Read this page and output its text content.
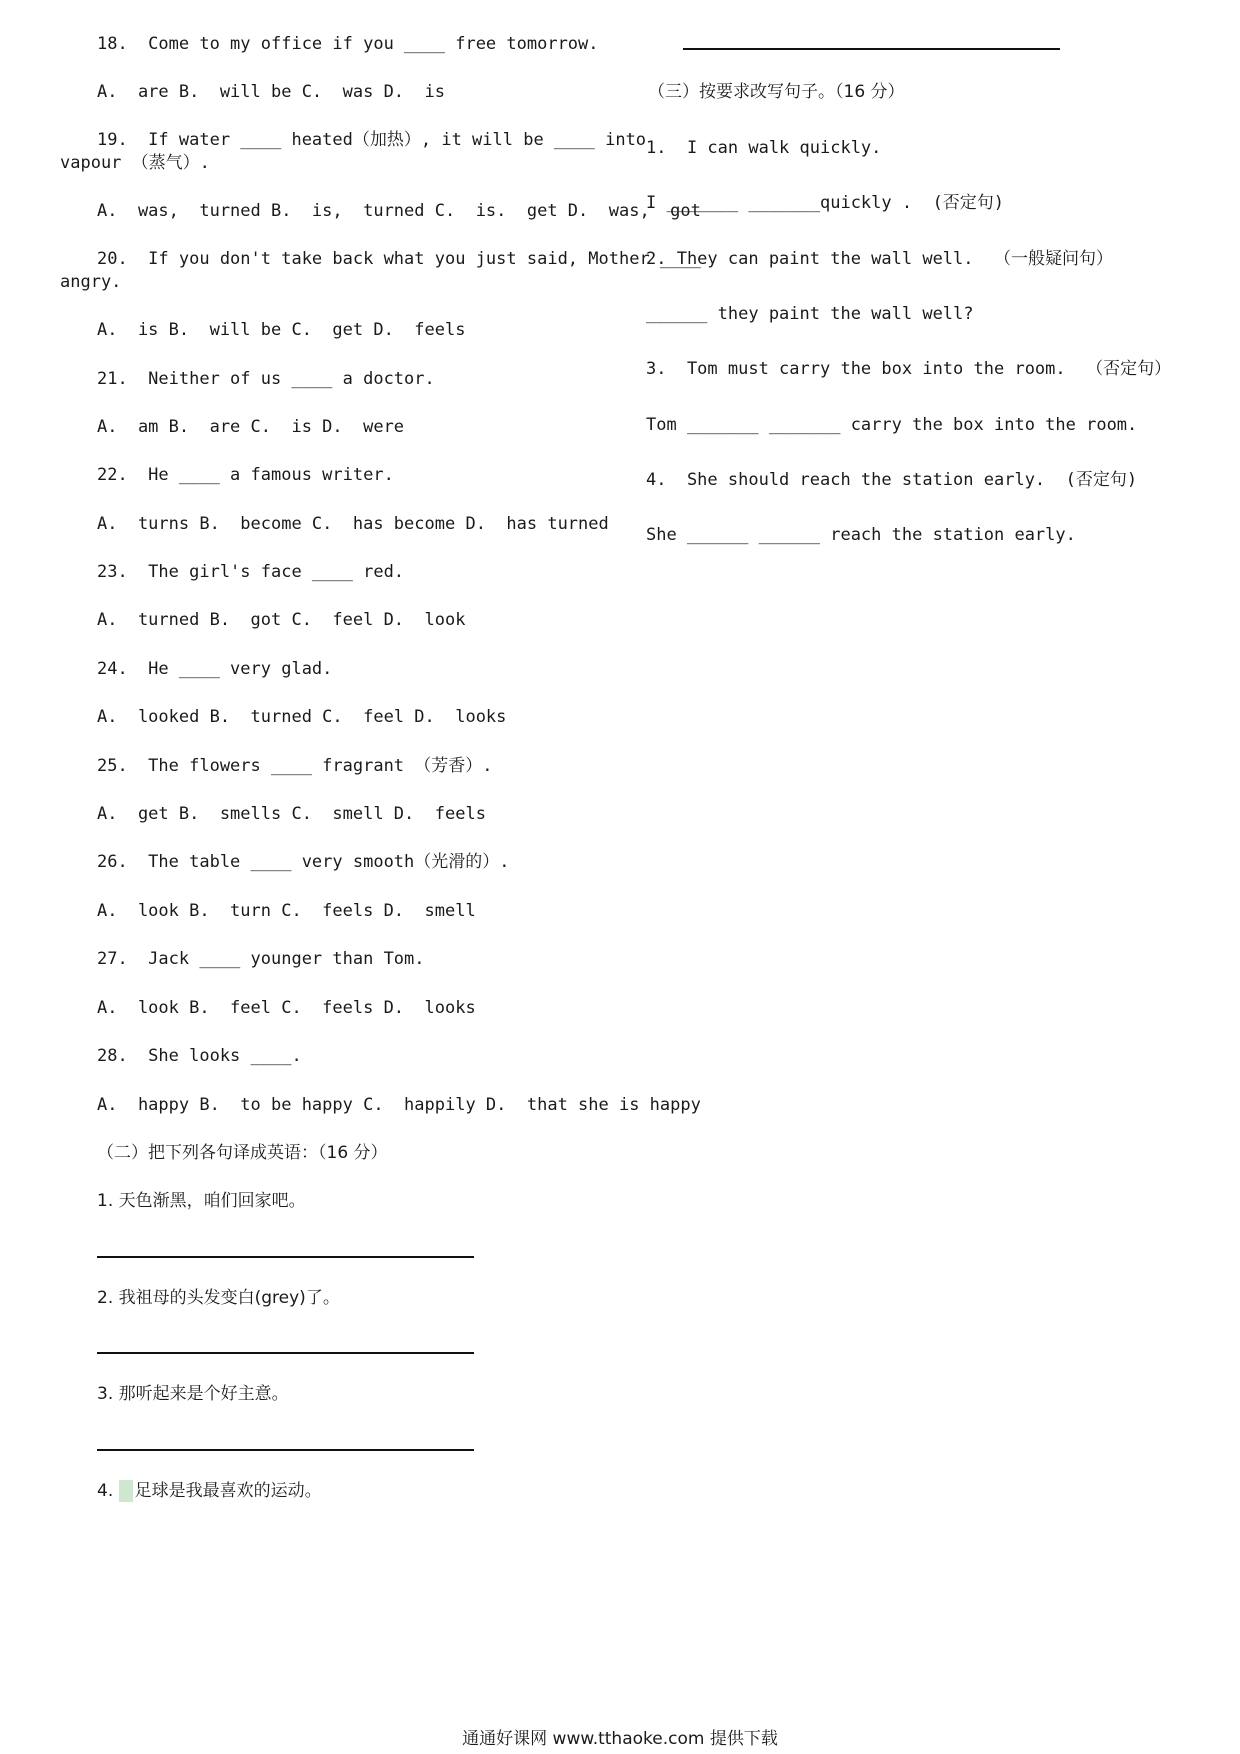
18.  Come to my office if you ____ free tomorrow.
A.  are B.  will be C.  was D.  is
19.  If water ____ heated（加热）, it will be ____ into
vapour （蒸气）.
A.  was,  turned B.  is,  turned C.  is.  get D.  was,  got
20.  If you don't take back what you just said, Mother ____
angry.
A.  is B.  will be C.  get D.  feels
21.  Neither of us ____ a doctor.
A.  am B.  are C.  is D.  were
22.  He ____ a famous writer.
A.  turns B.  become C.  has become D.  has turned
23.  The girl's face ____ red.
A.  turned B.  got C.  feel D.  look
24.  He ____ very glad.
A.  looked B.  turned C.  feel D.  looks
25.  The flowers ____ fragrant （芳香）.
A.  get B.  smells C.  smell D.  feels
26.  The table ____ very smooth（光滑的）.
A.  look B.  turn C.  feels D.  smell
27.  Jack ____ younger than Tom.
A.  look B.  feel C.  feels D.  looks
28.  She looks ____.
A.  happy B.  to be happy C.  happily D.  that she is happy
（二）把下列各句译成英语：（16 分）
1. 天色渐黑，咱们回家吧。
2. 我祖母的头发变白(grey)了。
3. 那听起来是个好主意。
4. 足球是我最喜欢的运动。
（三）按要求改写句子。（16 分）
1.  I can walk quickly.
I _______ _______quickly .  (否定句)
2. They can paint the wall well.  （一般疑问句）
______ they paint the wall well?
3.  Tom must carry the box into the room.  （否定句）
Tom _______ _______ carry the box into the room.
4.  She should reach the station early.  (否定句)
She ______ ______ reach the station early.
通通好课网 www.tthaoke.com 提供下载
